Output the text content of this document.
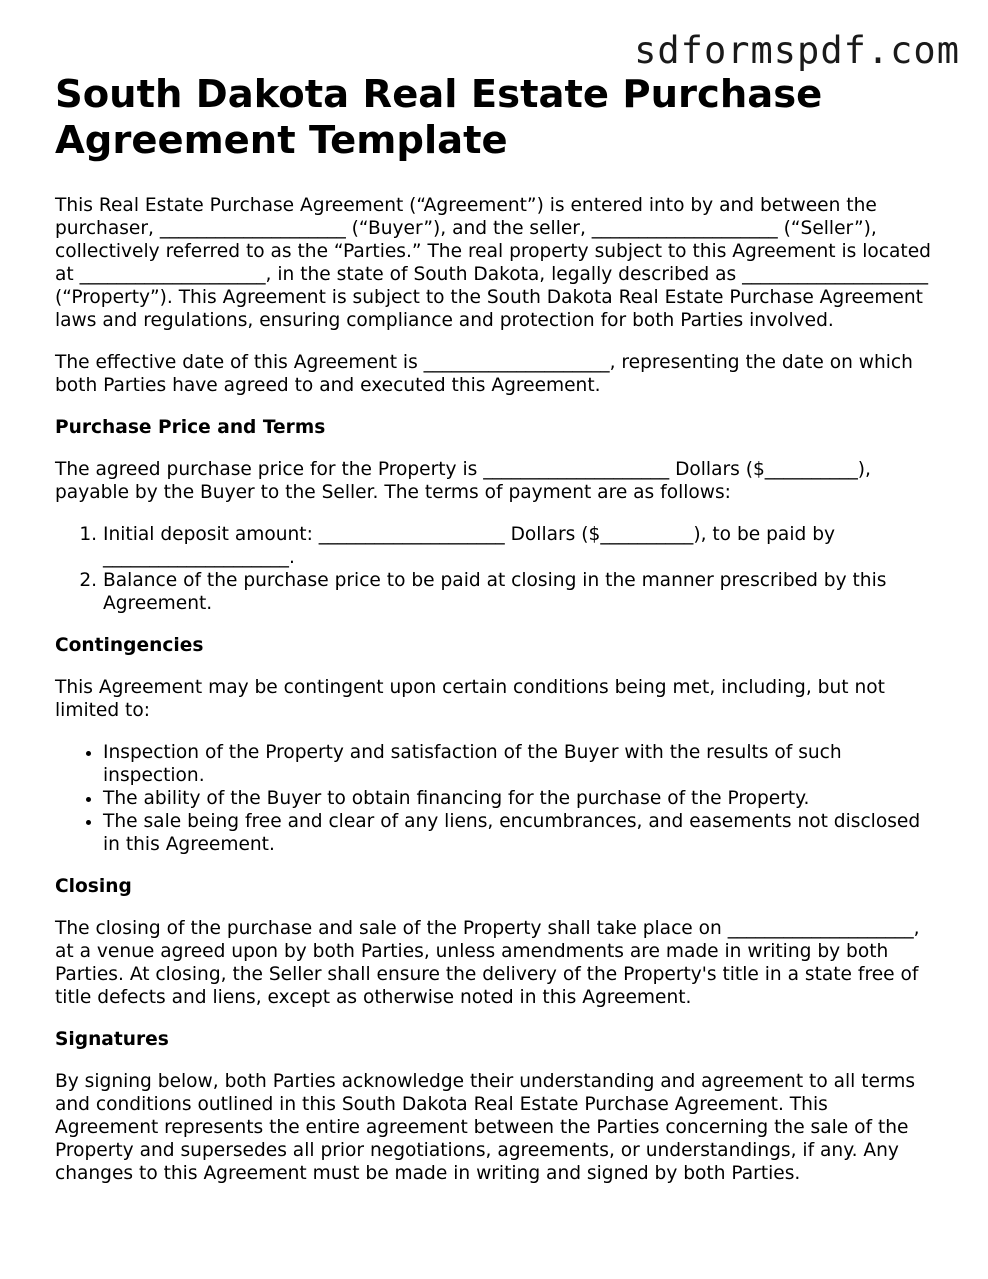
sdformspdf.com
South Dakota Real Estate Purchase Agreement Template

This Real Estate Purchase Agreement (“Agreement”) is entered into by and between the purchaser, ____________________ (“Buyer”), and the seller, ____________________ (“Seller”), collectively referred to as the “Parties.” The real property subject to this Agreement is located at ____________________, in the state of South Dakota, legally described as ____________________ (“Property”). This Agreement is subject to the South Dakota Real Estate Purchase Agreement laws and regulations, ensuring compliance and protection for both Parties involved.

The effective date of this Agreement is ____________________, representing the date on which both Parties have agreed to and executed this Agreement.

Purchase Price and Terms

The agreed purchase price for the Property is ____________________ Dollars ($__________), payable by the Buyer to the Seller. The terms of payment are as follows:

1. Initial deposit amount: ____________________ Dollars ($__________), to be paid by ____________________.
2. Balance of the purchase price to be paid at closing in the manner prescribed by this Agreement.
Contingencies

This Agreement may be contingent upon certain conditions being met, including, but not limited to:

• Inspection of the Property and satisfaction of the Buyer with the results of such inspection.
• The ability of the Buyer to obtain financing for the purchase of the Property.
• The sale being free and clear of any liens, encumbrances, and easements not disclosed in this Agreement.
Closing

The closing of the purchase and sale of the Property shall take place on ____________________, at a venue agreed upon by both Parties, unless amendments are made in writing by both Parties. At closing, the Seller shall ensure the delivery of the Property's title in a state free of title defects and liens, except as otherwise noted in this Agreement.

Signatures

By signing below, both Parties acknowledge their understanding and agreement to all terms and conditions outlined in this South Dakota Real Estate Purchase Agreement. This Agreement represents the entire agreement between the Parties concerning the sale of the Property and supersedes all prior negotiations, agreements, or understandings, if any. Any changes to this Agreement must be made in writing and signed by both Parties.
